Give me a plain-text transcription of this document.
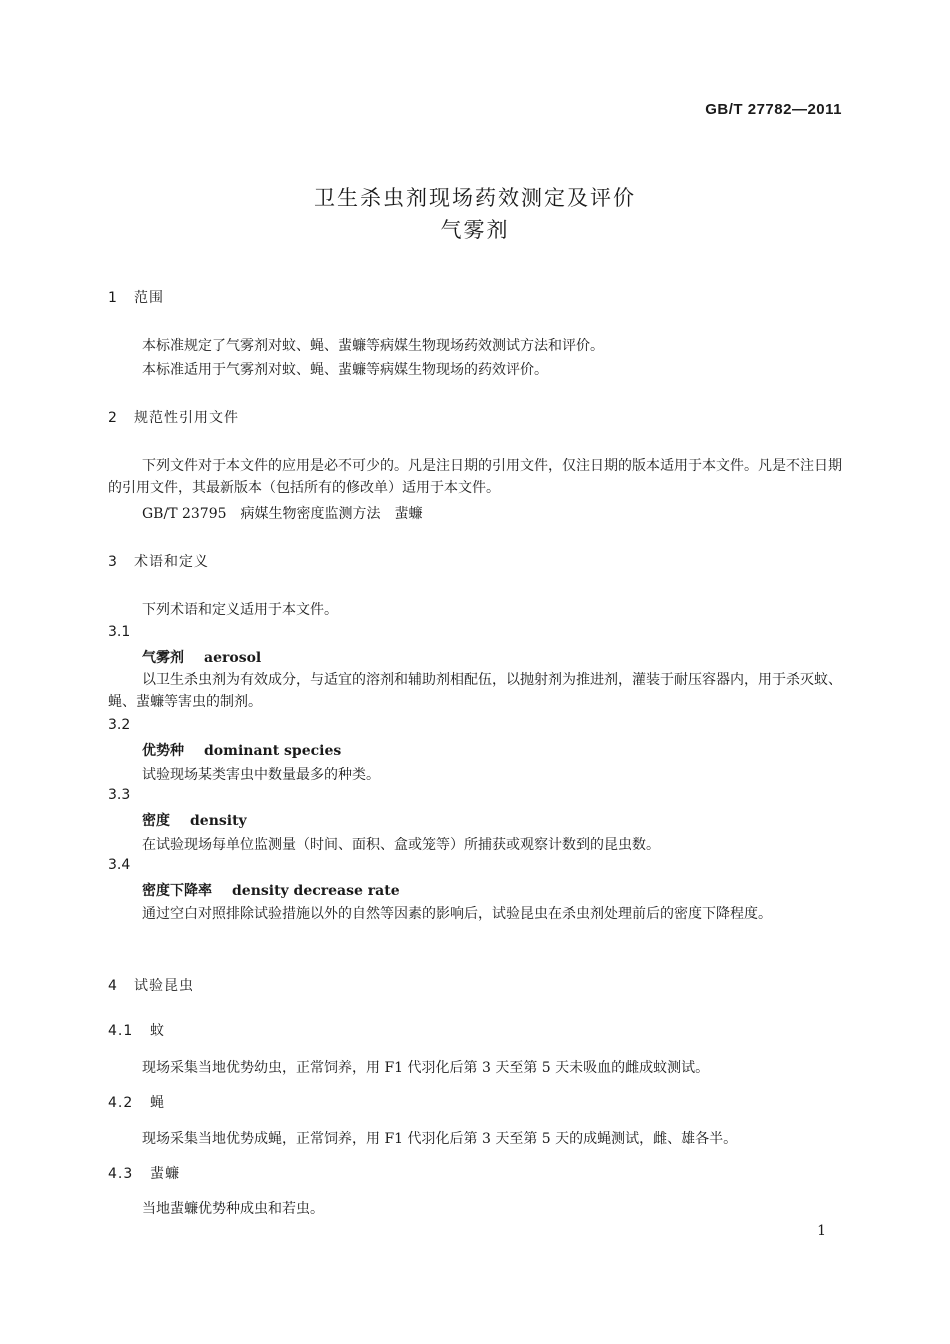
GB/T 27782—2011
卫生杀虫剂现场药效测定及评价
气雾剂
1 范围
本标准规定了气雾剂对蚊、蝇、蜚蠊等病媒生物现场药效测试方法和评价。
本标准适用于气雾剂对蚊、蝇、蜚蠊等病媒生物现场的药效评价。
2 规范性引用文件
下列文件对于本文件的应用是必不可少的。凡是注日期的引用文件，仅注日期的版本适用于本文件。凡是不注日期的引用文件，其最新版本（包括所有的修改单）适用于本文件。
GB/T 23795　病媒生物密度监测方法　蜚蠊
3 术语和定义
下列术语和定义适用于本文件。
3.1
气雾剂 aerosol
以卫生杀虫剂为有效成分，与适宜的溶剂和辅助剂相配伍，以抛射剂为推进剂，灌装于耐压容器内，用于杀灭蚊、蝇、蜚蠊等害虫的制剂。
3.2
优势种 dominant species
试验现场某类害虫中数量最多的种类。
3.3
密度 density
在试验现场每单位监测量（时间、面积、盒或笼等）所捕获或观察计数到的昆虫数。
3.4
密度下降率 density decrease rate
通过空白对照排除试验措施以外的自然等因素的影响后，试验昆虫在杀虫剂处理前后的密度下降程度。
4 试验昆虫
4.1 蚊
现场采集当地优势幼虫，正常饲养，用 F1 代羽化后第 3 天至第 5 天未吸血的雌成蚊测试。
4.2 蝇
现场采集当地优势成蝇，正常饲养，用 F1 代羽化后第 3 天至第 5 天的成蝇测试，雌、雄各半。
4.3 蜚蠊
当地蜚蠊优势种成虫和若虫。
1
